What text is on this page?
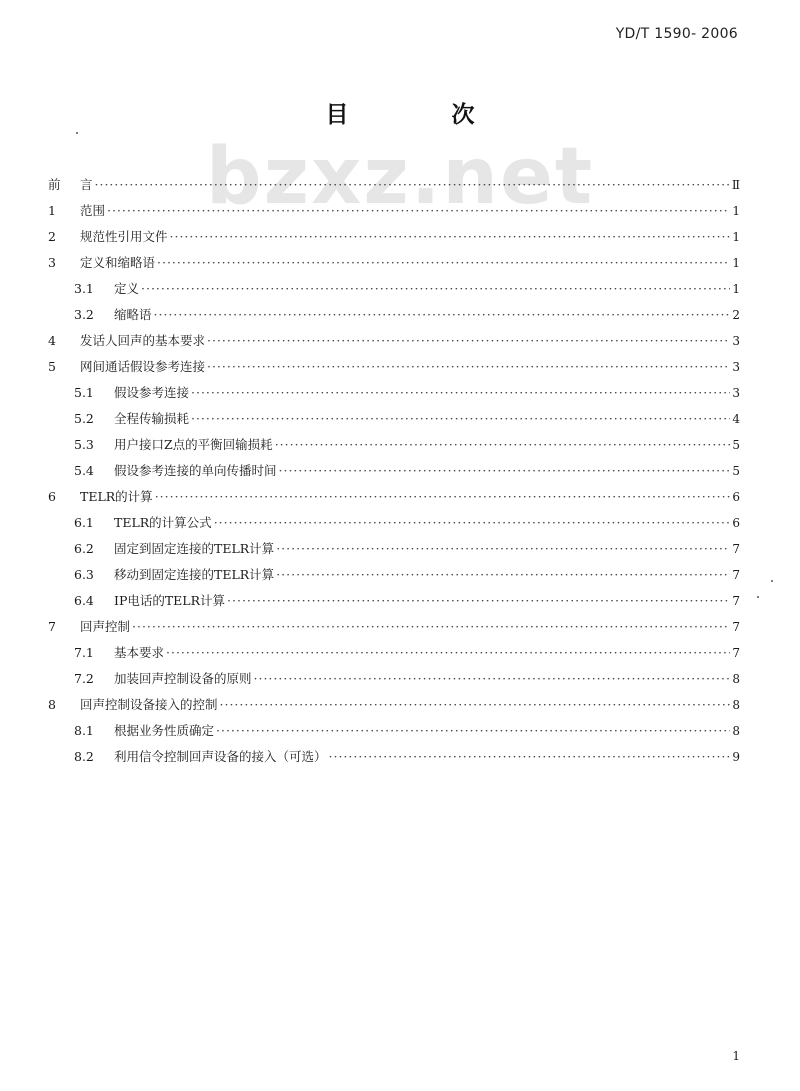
YD/T 1590- 2006
bzxz.net
目　次
前	言 ·····	Ⅱ
1	范围 ·····	1
2	规范性引用文件 ·····	1
3	定义和缩略语 ·····	1
3.1	定义 ·····	1
3.2	缩略语 ·····	2
4	发话人回声的基本要求 ·····	3
5	网间通话假设参考连接 ·····	3
5.1	假设参考连接 ·····	3
5.2	全程传输损耗 ·····	4
5.3	用户接口Z点的平衡回输损耗 ·····	5
5.4	假设参考连接的单向传播时间 ·····	5
6	TELR的计算 ·····	6
6.1	TELR的计算公式 ·····	6
6.2	固定到固定连接的TELR计算 ·····	7
6.3	移动到固定连接的TELR计算 ·····	7
6.4	IP电话的TELR计算 ·····	7
7	回声控制 ·····	7
7.1	基本要求 ·····	7
7.2	加装回声控制设备的原则 ·····	8
8	回声控制设备接入的控制 ·····	8
8.1	根据业务性质确定 ·····	8
8.2	利用信令控制回声设备的接入（可选） ·····	9
1
